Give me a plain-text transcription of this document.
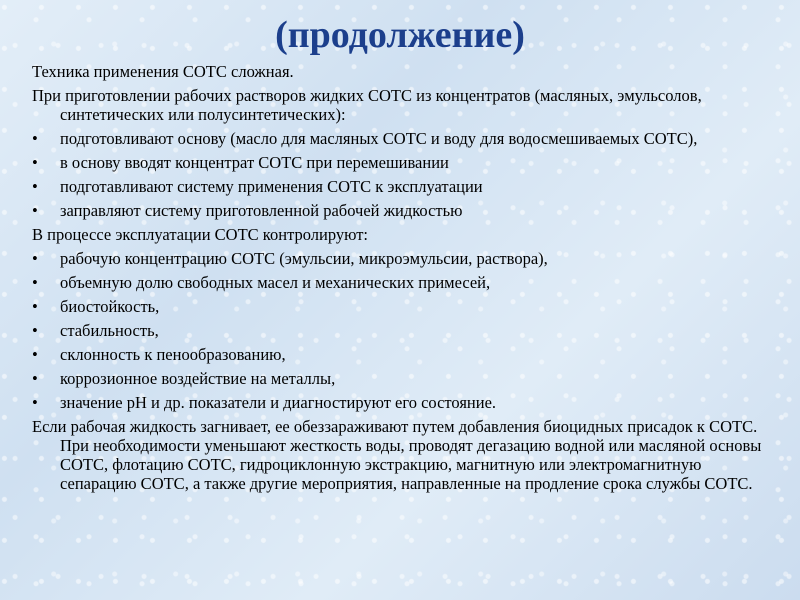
(продолжение)

Техника применения СОТС сложная.

При приготовлении рабочих растворов жидких СОТС из концентратов (масляных, эмульсолов, синтетических или полусинтетических):

•	подготовливают основу (масло для масляных СОТС и воду для водосмешиваемых СОТС),
•	в основу вводят концентрат СОТС при перемешивании
•	подготавливают систему применения СОТС к эксплуатации
•	заправляют систему приготовленной рабочей жидкостью

В процессе эксплуатации СОТС контролируют:

•	рабочую концентрацию СОТС (эмульсии, микроэмульсии, раствора),
•	объемную долю свободных масел и механических примесей,
•	биостойкость,
•	стабильность,
•	склонность к пенообразованию,
•	коррозионное воздействие на металлы,
•	значение pH и др. показатели и диагностируют его состояние.

Если рабочая жидкость загнивает, ее обеззараживают путем добавления биоцидных присадок к СОТС. При необходимости уменьшают жесткость воды, проводят дегазацию водной или масляной основы СОТС, флотацию СОТС, гидроциклонную экстракцию, магнитную или электромагнитную сепарацию СОТС, а также другие мероприятия, направленные на продление срока службы СОТС.
